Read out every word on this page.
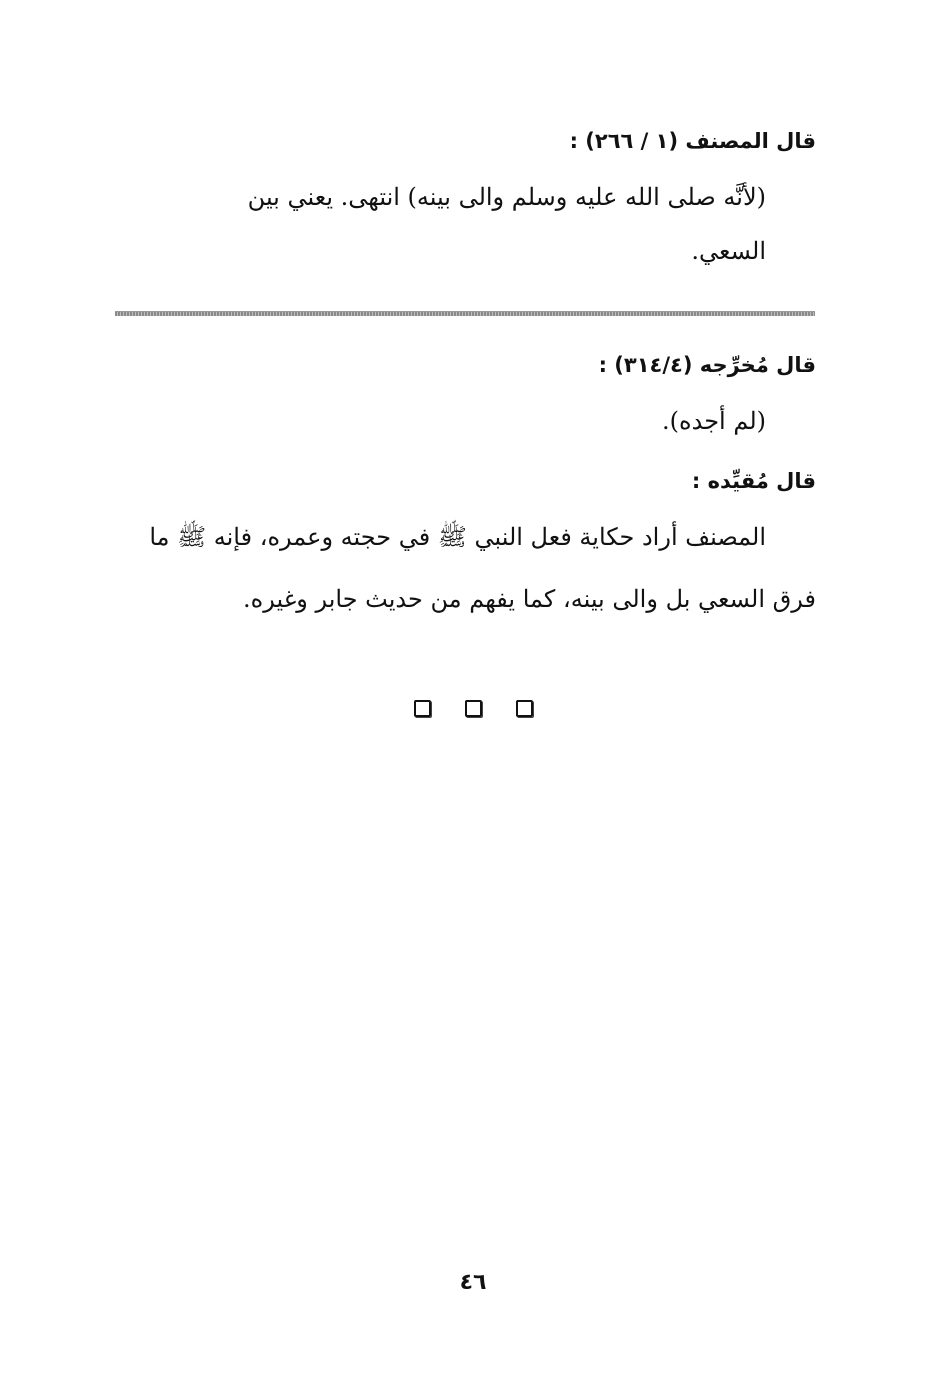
قال المصنف (١ / ٢٦٦) :
(لأنَّه صلى الله عليه وسلم والى بينه) انتهى. يعني بين
السعي.
قال مُخرِّجه (٣١٤/٤) :
(لم أجده).
قال مُقيِّده :
المصنف أراد حكاية فعل النبي ﷺ في حجته وعمره، فإنه ﷺ ما
فرق السعي بل والى بينه، كما يفهم من حديث جابر وغيره.

٤٦
